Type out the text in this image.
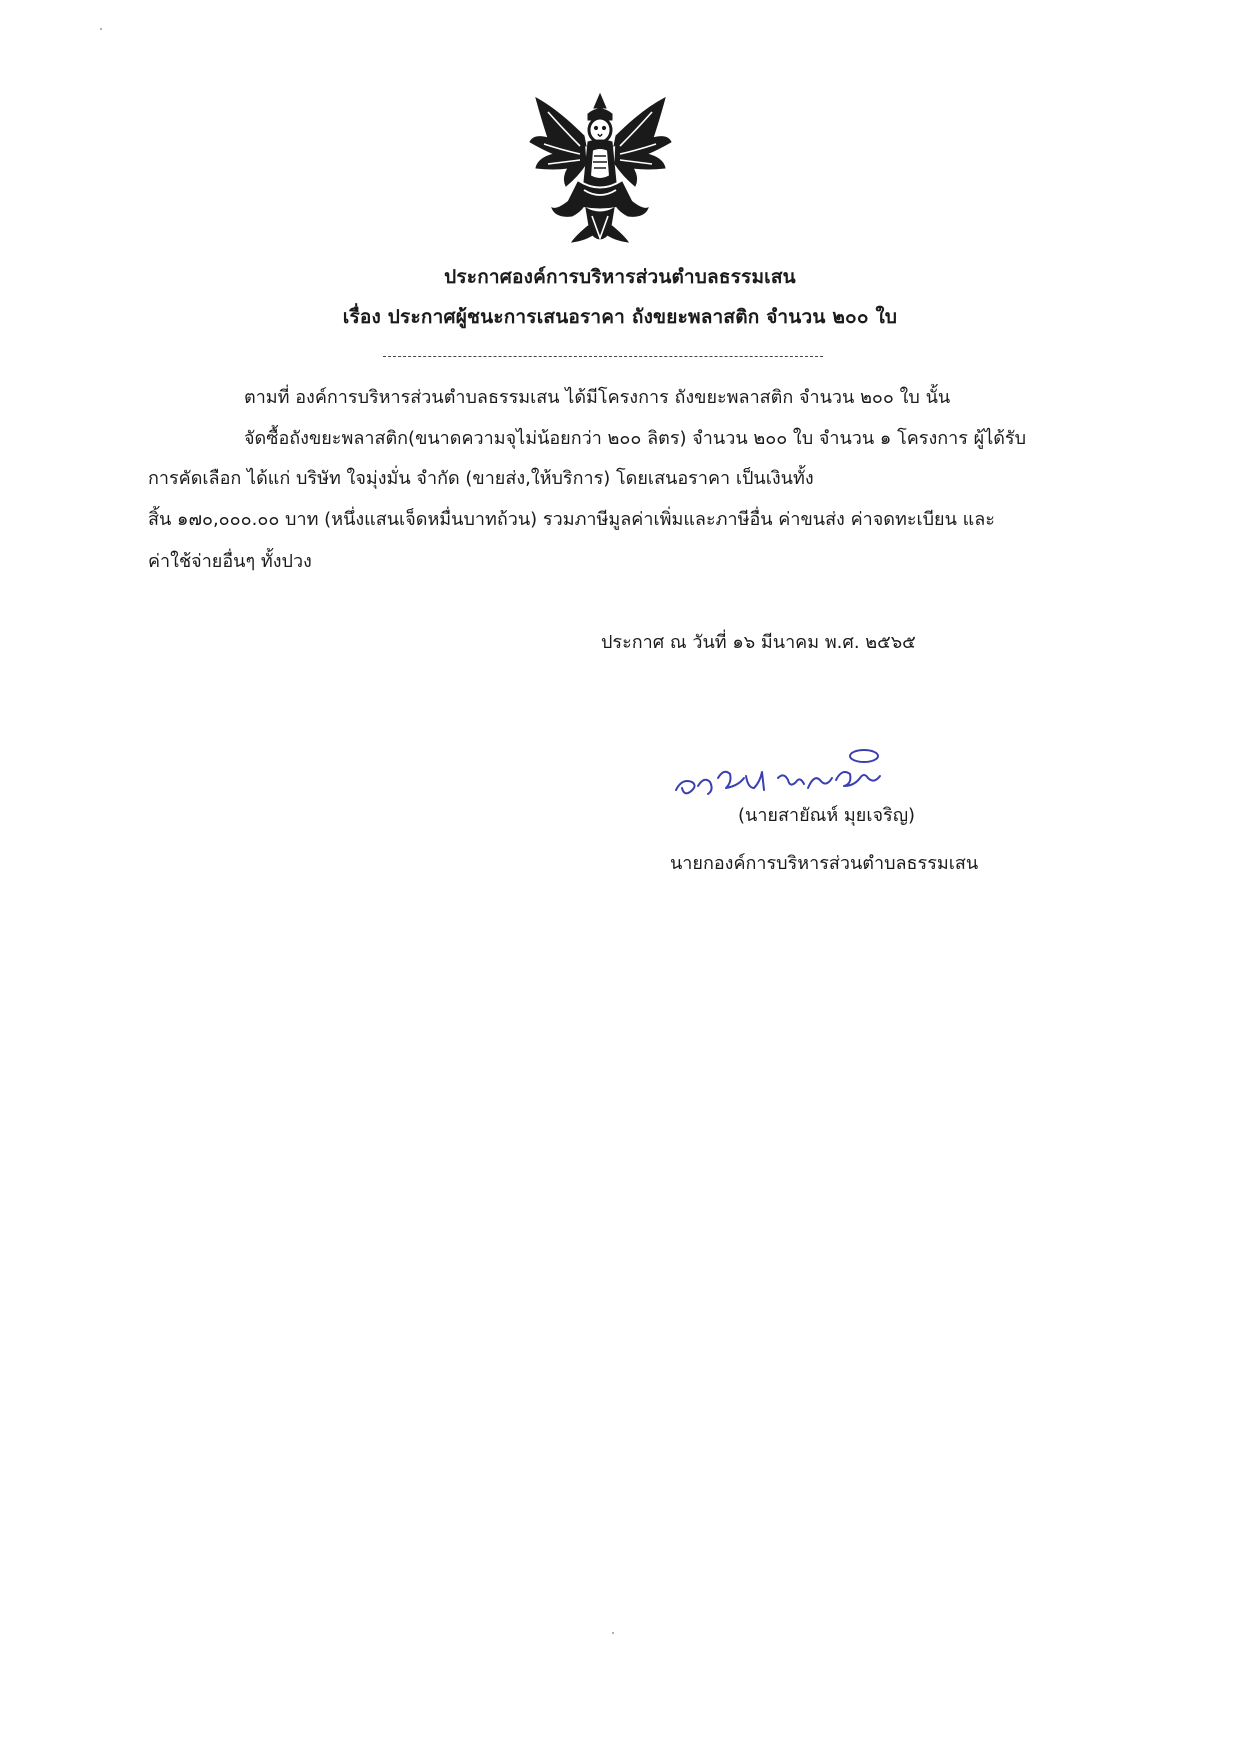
ประกาศองค์การบริหารส่วนตำบลธรรมเสน
เรื่อง ประกาศผู้ชนะการเสนอราคา ถังขยะพลาสติก จำนวน ๒๐๐ ใบ
ตามที่ องค์การบริหารส่วนตำบลธรรมเสน ได้มีโครงการ ถังขยะพลาสติก จำนวน ๒๐๐ ใบ นั้น
จัดซื้อถังขยะพลาสติก(ขนาดความจุไม่น้อยกว่า ๒๐๐ ลิตร) จำนวน ๒๐๐ ใบ จำนวน ๑ โครงการ ผู้ได้รับ
การคัดเลือก ได้แก่ บริษัท ใจมุ่งมั่น จำกัด (ขายส่ง,ให้บริการ) โดยเสนอราคา เป็นเงินทั้ง
สิ้น ๑๗๐,๐๐๐.๐๐ บาท (หนึ่งแสนเจ็ดหมื่นบาทถ้วน) รวมภาษีมูลค่าเพิ่มและภาษีอื่น ค่าขนส่ง ค่าจดทะเบียน และ
ค่าใช้จ่ายอื่นๆ ทั้งปวง
ประกาศ ณ วันที่ ๑๖ มีนาคม พ.ศ. ๒๕๖๕
(นายสายัณห์ มุยเจริญ)
นายกองค์การบริหารส่วนตำบลธรรมเสน
